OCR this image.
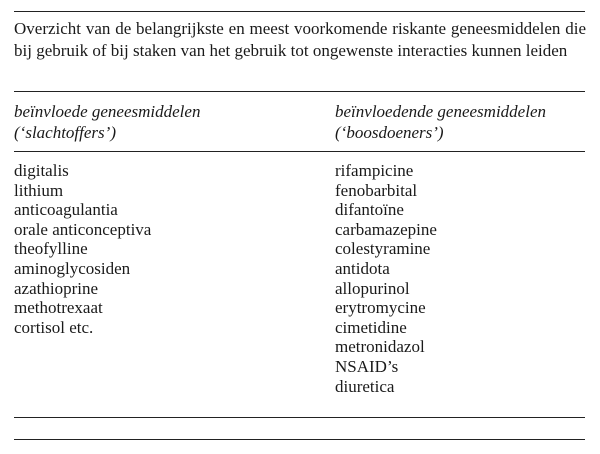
Overzicht van de belangrijkste en meest voorkomende riskante geneesmiddelen die bij gebruik of bij staken van het gebruik tot ongewenste interacties kunnen leiden

beïnvloede geneesmiddelen
(‘slachtoffers’)
beïnvloedende geneesmiddelen
(‘boosdoeners’)
digitalis
lithium
anticoagulantia
orale anticonceptiva
theofylline
aminoglycosiden
azathioprine
methotrexaat
cortisol etc.
rifampicine
fenobarbital
difantoïne
carbamazepine
colestyramine
antidota
allopurinol
erytromycine
cimetidine
metronidazol
NSAID’s
diuretica
